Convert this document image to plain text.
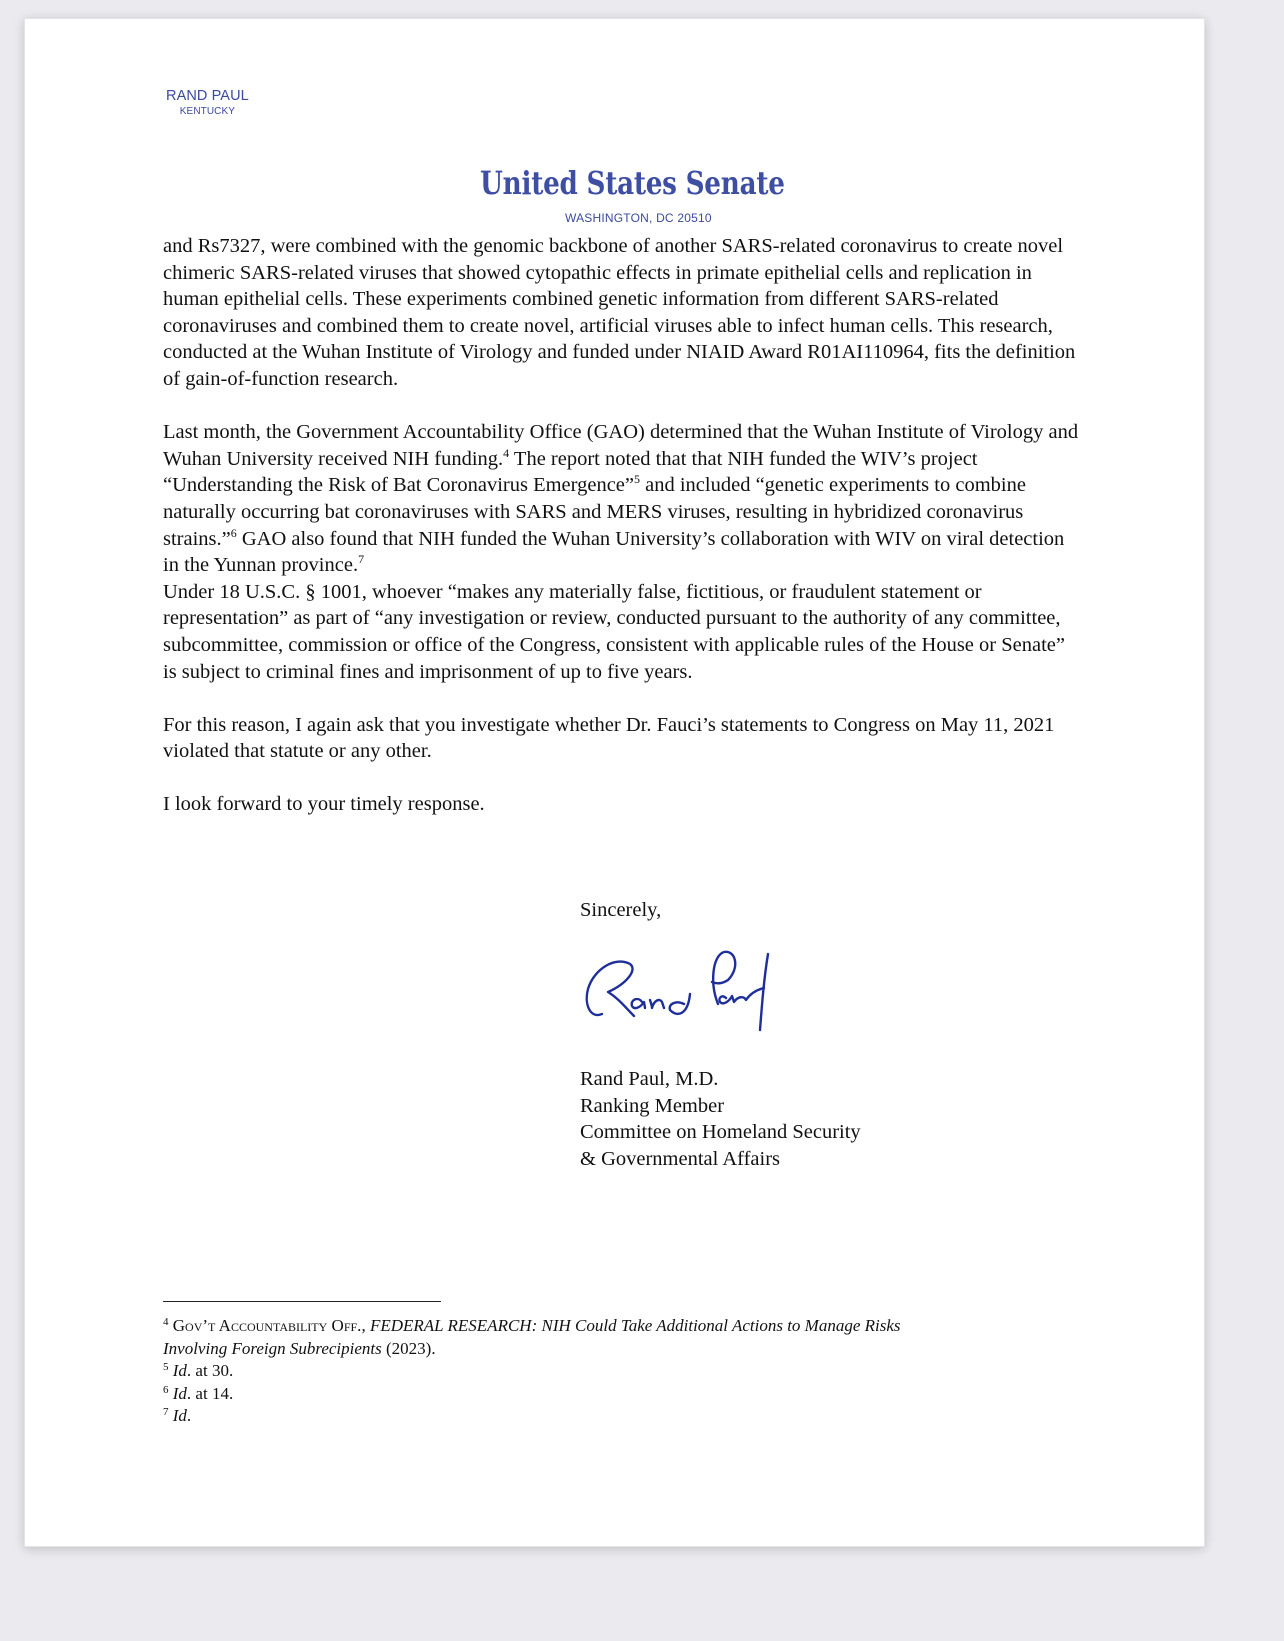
RAND PAUL
KENTUCKY
United States Senate
WASHINGTON, DC 20510

and Rs7327, were combined with the genomic backbone of another SARS-related coronavirus to create novel chimeric SARS-related viruses that showed cytopathic effects in primate epithelial cells and replication in human epithelial cells. These experiments combined genetic information from different SARS-related coronaviruses and combined them to create novel, artificial viruses able to infect human cells. This research, conducted at the Wuhan Institute of Virology and funded under NIAID Award R01AI110964, fits the definition of gain-of-function research.

Last month, the Government Accountability Office (GAO) determined that the Wuhan Institute of Virology and Wuhan University received NIH funding.$^4$ The report noted that that NIH funded the WIV’s project “Understanding the Risk of Bat Coronavirus Emergence”$^5$ and included “genetic experiments to combine naturally occurring bat coronaviruses with SARS and MERS viruses, resulting in hybridized coronavirus strains.”$^6$ GAO also found that NIH funded the Wuhan University’s collaboration with WIV on viral detection in the Yunnan province.$^7$
Under 18 U.S.C. § 1001, whoever “makes any materially false, fictitious, or fraudulent statement or representation” as part of “any investigation or review, conducted pursuant to the authority of any committee, subcommittee, commission or office of the Congress, consistent with applicable rules of the House or Senate” is subject to criminal fines and imprisonment of up to five years.

For this reason, I again ask that you investigate whether Dr. Fauci’s statements to Congress on May 11, 2021 violated that statute or any other.

I look forward to your timely response.

Sincerely,
Rand Paul, M.D.
Ranking Member
Committee on Homeland Security
& Governmental Affairs
$^4$ Gov’t Accountability Off., FEDERAL RESEARCH: NIH Could Take Additional Actions to Manage Risks
Involving Foreign Subrecipients (2023).
$^5$ Id. at 30.
$^6$ Id. at 14.
$^7$ Id.
